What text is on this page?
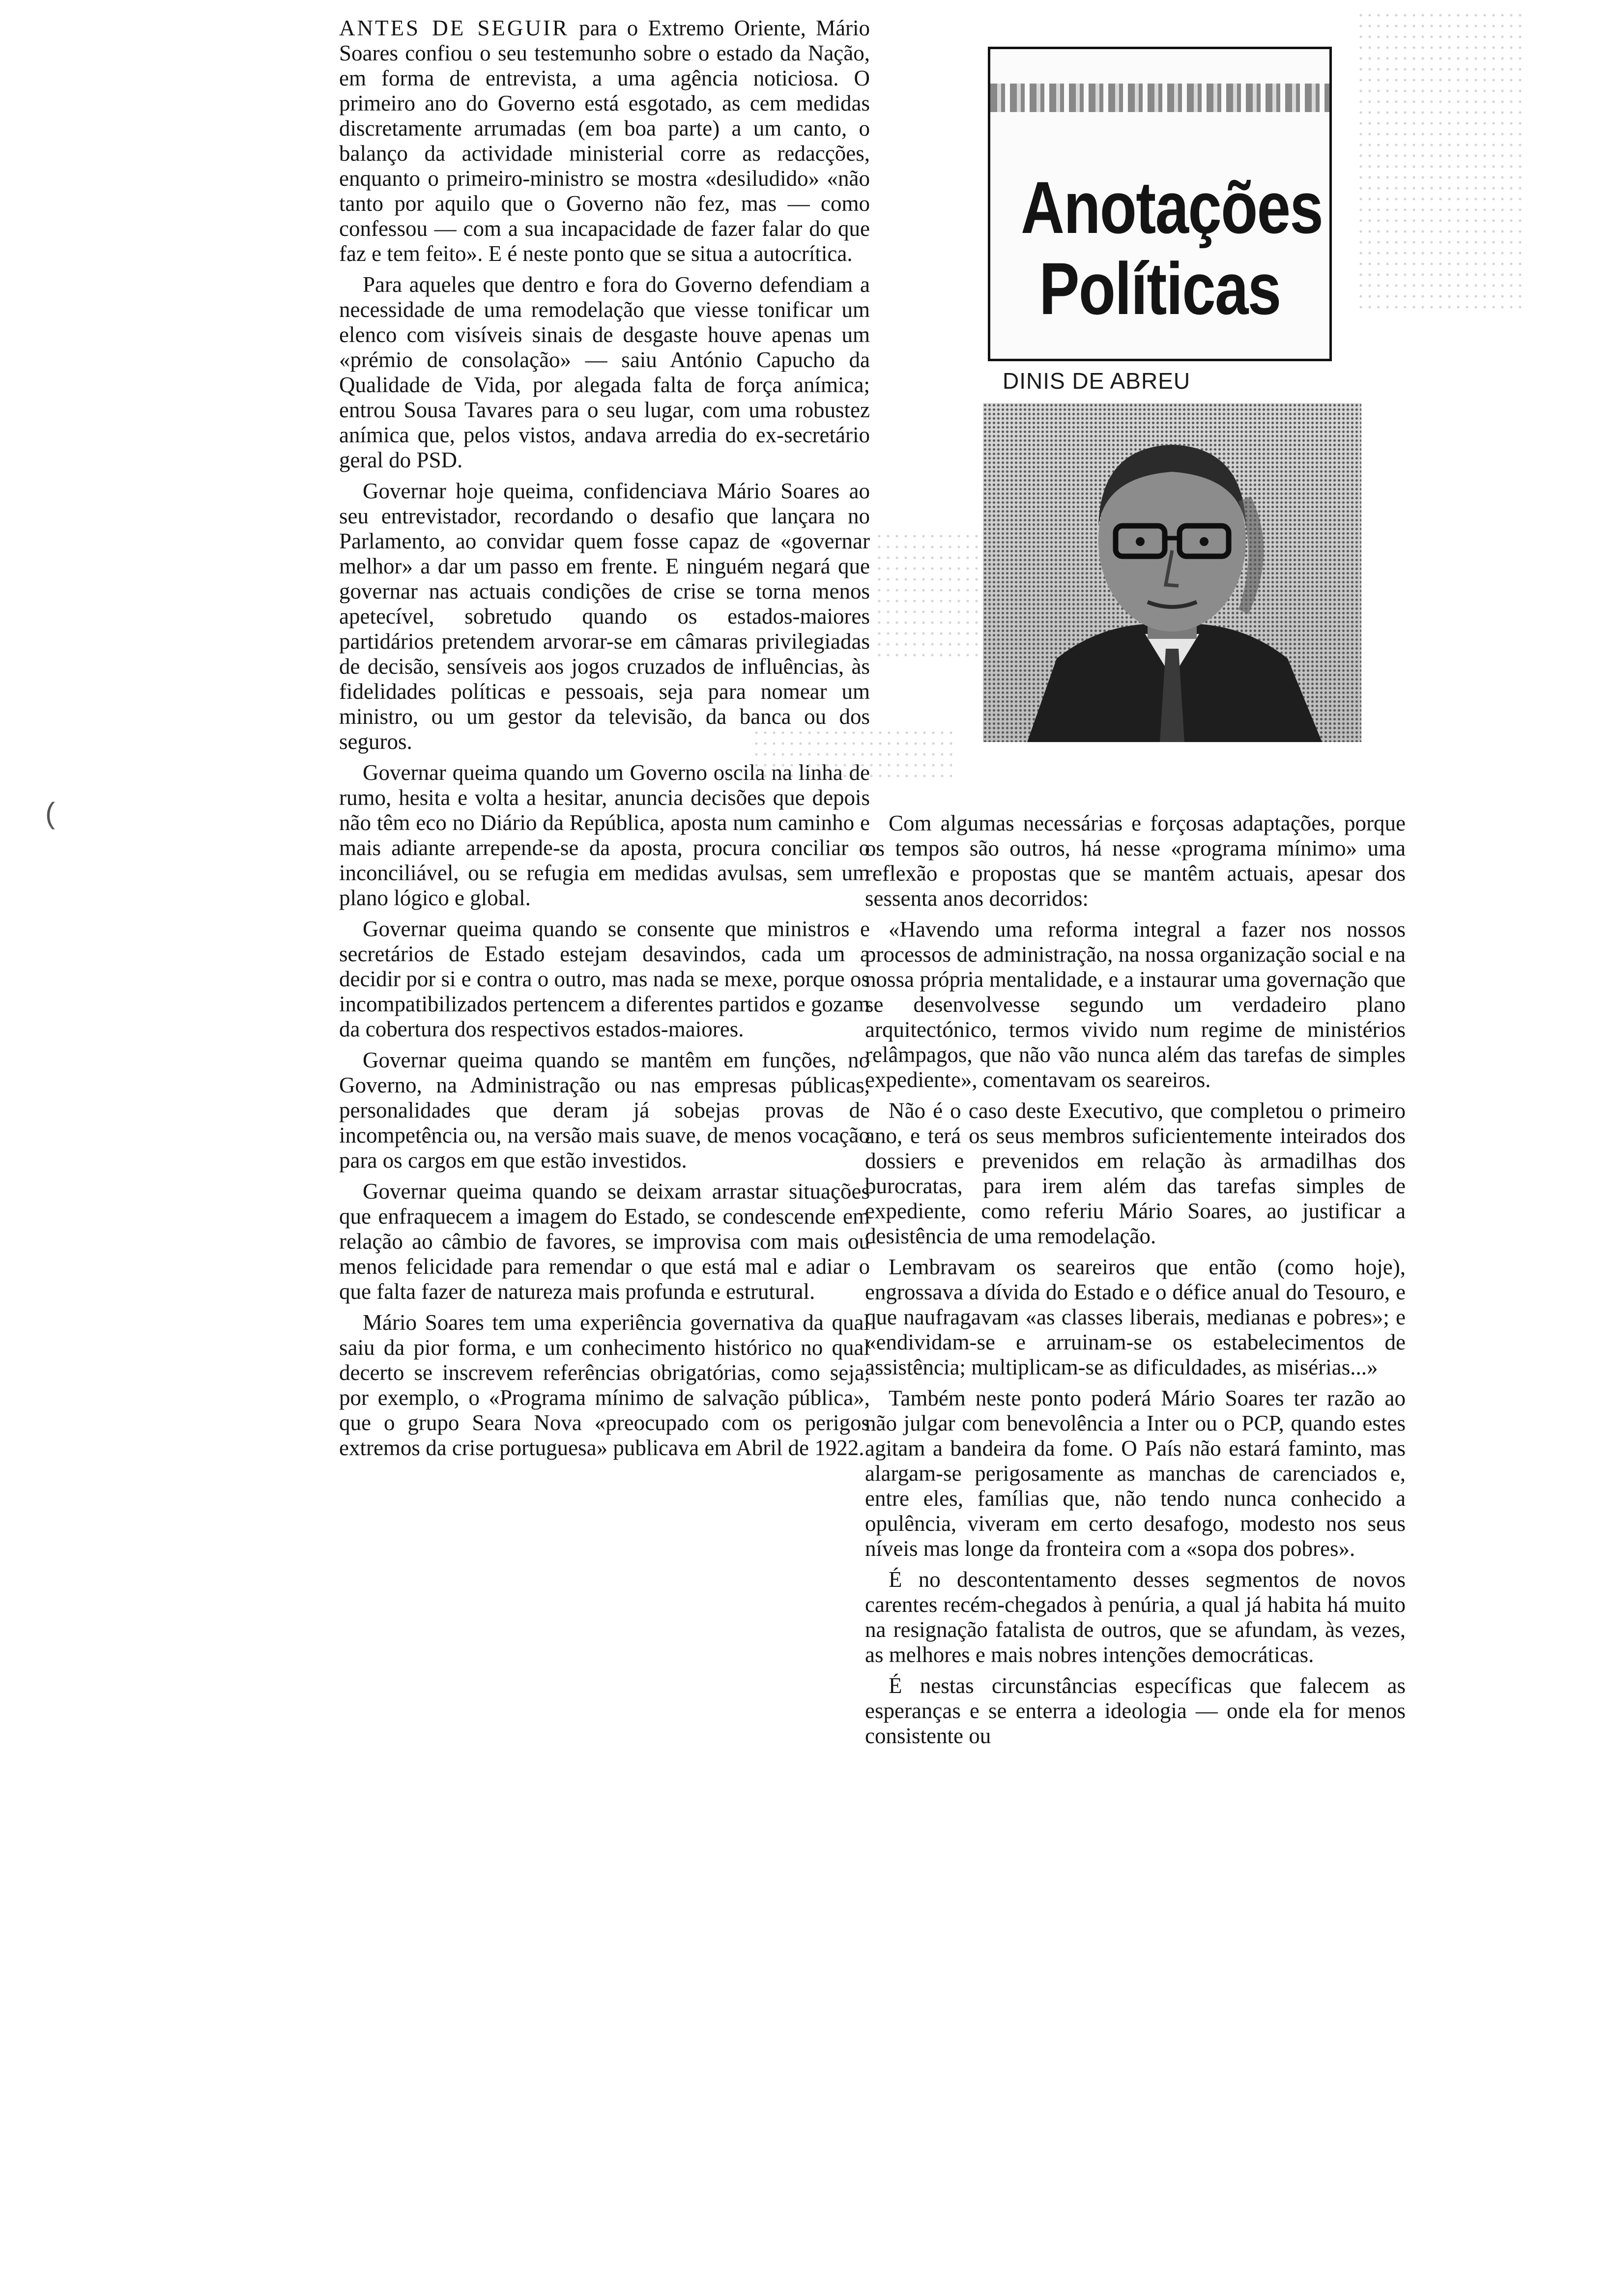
(

ANTES DE SEGUIR para o Extremo Oriente, Mário Soares confiou o seu testemunho sobre o estado da Nação, em forma de entrevista, a uma agência noticiosa. O primeiro ano do Governo está esgotado, as cem medidas discretamente arrumadas (em boa parte) a um canto, o balanço da actividade ministerial corre as redacções, enquanto o primeiro-ministro se mostra «desiludido» «não tanto por aquilo que o Governo não fez, mas — como confessou — com a sua incapacidade de fazer falar do que faz e tem feito». E é neste ponto que se situa a autocrítica.

Para aqueles que dentro e fora do Governo defendiam a necessidade de uma remodelação que viesse tonificar um elenco com visíveis sinais de desgaste houve apenas um «prémio de consolação» — saiu António Capucho da Qualidade de Vida, por alegada falta de força anímica; entrou Sousa Tavares para o seu lugar, com uma robustez anímica que, pelos vistos, andava arredia do ex-secretário geral do PSD.

Governar hoje queima, confidenciava Mário Soares ao seu entrevistador, recordando o desafio que lançara no Parlamento, ao convidar quem fosse capaz de «governar melhor» a dar um passo em frente. E ninguém negará que governar nas actuais condições de crise se torna menos apetecível, sobretudo quando os estados-maiores partidários pretendem arvorar-se em câmaras privilegiadas de decisão, sensíveis aos jogos cruzados de influências, às fidelidades políticas e pessoais, seja para nomear um ministro, ou um gestor da televisão, da banca ou dos seguros.

Governar queima quando um Governo oscila na linha de rumo, hesita e volta a hesitar, anuncia decisões que depois não têm eco no Diário da República, aposta num caminho e mais adiante arrepende-se da aposta, procura conciliar o inconciliável, ou se refugia em medidas avulsas, sem um plano lógico e global.

Governar queima quando se consente que ministros e secretários de Estado estejam desavindos, cada um a decidir por si e contra o outro, mas nada se mexe, porque os incompatibilizados pertencem a diferentes partidos e gozam da cobertura dos respectivos estados-maiores.

Governar queima quando se mantêm em funções, no Governo, na Administração ou nas empresas públicas, personalidades que deram já sobejas provas de incompetência ou, na versão mais suave, de menos vocação para os cargos em que estão investidos.

Governar queima quando se deixam arrastar situações que enfraquecem a imagem do Estado, se condescende em relação ao câmbio de favores, se improvisa com mais ou menos felicidade para remendar o que está mal e adiar o que falta fazer de natureza mais profunda e estrutural.

Mário Soares tem uma experiência governativa da qual saiu da pior forma, e um conhecimento histórico no qual decerto se inscrevem referências obrigatórias, como seja, por exemplo, o «Programa mínimo de salvação pública», que o grupo Seara Nova «preocupado com os perigos extremos da crise portuguesa» publicava em Abril de 1922.

Anotações
Políticas
DINIS DE ABREU

Com algumas necessárias e forçosas adaptações, porque os tempos são outros, há nesse «programa mínimo» uma reflexão e propostas que se mantêm actuais, apesar dos sessenta anos decorridos:

«Havendo uma reforma integral a fazer nos nossos processos de administração, na nossa organização social e na nossa própria mentalidade, e a instaurar uma governação que se desenvolvesse segundo um verdadeiro plano arquitectónico, termos vivido num regime de ministérios relâmpagos, que não vão nunca além das tarefas de simples expediente», comentavam os seareiros.

Não é o caso deste Executivo, que completou o primeiro ano, e terá os seus membros suficientemente inteirados dos dossiers e prevenidos em relação às armadilhas dos burocratas, para irem além das tarefas simples de expediente, como referiu Mário Soares, ao justificar a desistência de uma remodelação.

Lembravam os seareiros que então (como hoje), engrossava a dívida do Estado e o défice anual do Tesouro, e que naufragavam «as classes liberais, medianas e pobres»; e «endividam-se e arruinam-se os estabelecimentos de assistência; multiplicam-se as dificuldades, as misérias...»

Também neste ponto poderá Mário Soares ter razão ao não julgar com benevolência a Inter ou o PCP, quando estes agitam a bandeira da fome. O País não estará faminto, mas alargam-se perigosamente as manchas de carenciados e, entre eles, famílias que, não tendo nunca conhecido a opulência, viveram em certo desafogo, modesto nos seus níveis mas longe da fronteira com a «sopa dos pobres».

É no descontentamento desses segmentos de novos carentes recém-chegados à penúria, a qual já habita há muito na resignação fatalista de outros, que se afundam, às vezes, as melhores e mais nobres intenções democráticas.

É nestas circunstâncias específicas que falecem as esperanças e se enterra a ideologia — onde ela for menos consistente ou
